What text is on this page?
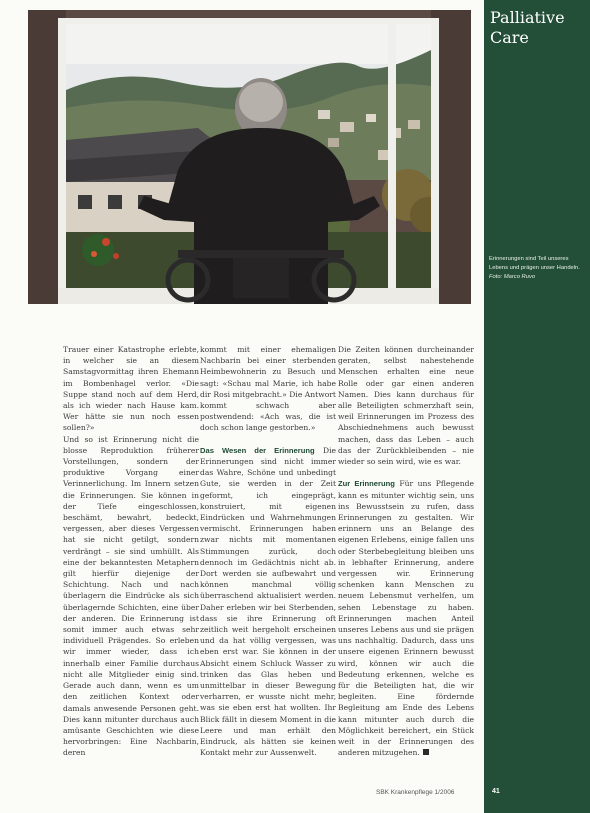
Palliative Care
Erinnerungen sind Teil unseres Lebens und prägen unser Handeln.
Foto: Marco Ruvo

Trauer einer Katastrophe erlebte, in welcher sie an diesem Samstagvormittag ihren Ehemann im Bombenhagel verlor. «Die Suppe stand noch auf dem Herd, als ich wieder nach Hause kam. Wer hätte sie nun noch essen sollen?»

Und so ist Erinnerung nicht die blosse Reproduktion früherer Vorstellungen, sondern der produktive Vorgang einer Verinnerlichung. Im Innern setzen die Erinnerungen. Sie können in der Tiefe eingeschlossen, beschämt, bewahrt, bedeckt, vergessen, aber dieses Vergessen hat sie nicht getilgt, sondern verdrängt – sie sind umhüllt. Als eine der bekanntesten Metaphern gilt hierfür diejenige der Schichtung. Nach und nach überlagern die Eindrücke als sich überlagernde Schichten, eine über der anderen. Die Erinnerung ist somit immer auch etwas sehr individuell Prägendes. So erleben wir immer wieder, dass ich innerhalb einer Familie durchaus nicht alle Mitglieder einig sind. Gerade auch dann, wenn es um den zeitlichen Kontext oder damals anwesende Personen geht. Dies kann mitunter durchaus auch amüsante Geschichten wie diese hervorbringen: Eine Nachbarin, deren

kommt mit einer ehemaligen Nachbarin bei einer sterbenden Heimbewohnerin zu Besuch und sagt: «Schau mal Marie, ich habe dir Rosi mitgebracht.» Die Antwort kommt schwach aber postwendend: «Ach was, die ist doch schon lange gestorben.»

Das Wesen der Erinnerung Die Erinnerungen sind nicht immer das Wahre, Schöne und unbedingt Gute, sie werden in der Zeit geformt, ich eingeprägt, konstruiert, mit eigenen Eindrücken und Wahrnehmungen vermischt. Erinnerungen haben zwar nichts mit momentanen Stimmungen zurück, doch dennoch im Gedächtnis nicht ab. Dort werden sie aufbewahrt und können manchmal völlig überraschend aktualisiert werden. Daher erleben wir bei Sterbenden, dass sie ihre Erinnerung oft zeitlich weit hergeholt erscheinen und da hat völlig vergessen, was eben erst war. Sie können in der Absicht einem Schluck Wasser zu trinken das Glas heben und unmittelbar in dieser Bewegung verharren, er wusste nicht mehr, was sie eben erst hat wollten. Ihr Blick fällt in diesem Moment in die Leere und man erhält den Eindruck, als hätten sie keinen Kontakt mehr zur Aussenwelt.

Die Zeiten können durcheinander geraten, selbst nahestehende Menschen erhalten eine neue Rolle oder gar einen anderen Namen. Dies kann durchaus für alle Beteiligten schmerzhaft sein, weil Erinnerungen im Prozess des Abschiednehmens auch bewusst machen, dass das Leben – auch das der Zurückbleibenden – nie wieder so sein wird, wie es war.

Zur Erinnerung Für uns Pflegende kann es mitunter wichtig sein, uns ins Bewusstsein zu rufen, dass Erinnerungen zu gestalten. Wir erinnern uns an Belange des eigenen Erlebens, einige fallen uns oder Sterbebegleitung bleiben uns in lebhafter Erinnerung, andere vergessen wir. Erinnerung schenken kann Menschen zu neuem Lebensmut verhelfen, um sehen Lebenstage zu haben. Erinnerungen machen Anteil unseres Lebens aus und sie prägen uns nachhaltig. Dadurch, dass uns unsere eigenen Erinnern bewusst wird, können wir auch die Bedeutung erkennen, welche es für die Beteiligten hat, die wir begleiten. Eine fördernde Begleitung am Ende des Lebens kann mitunter auch durch die Möglichkeit bereichert, ein Stück weit in der Erinnerungen des anderen mitzugehen.

SBK Krankenpflege 1/2006	41
